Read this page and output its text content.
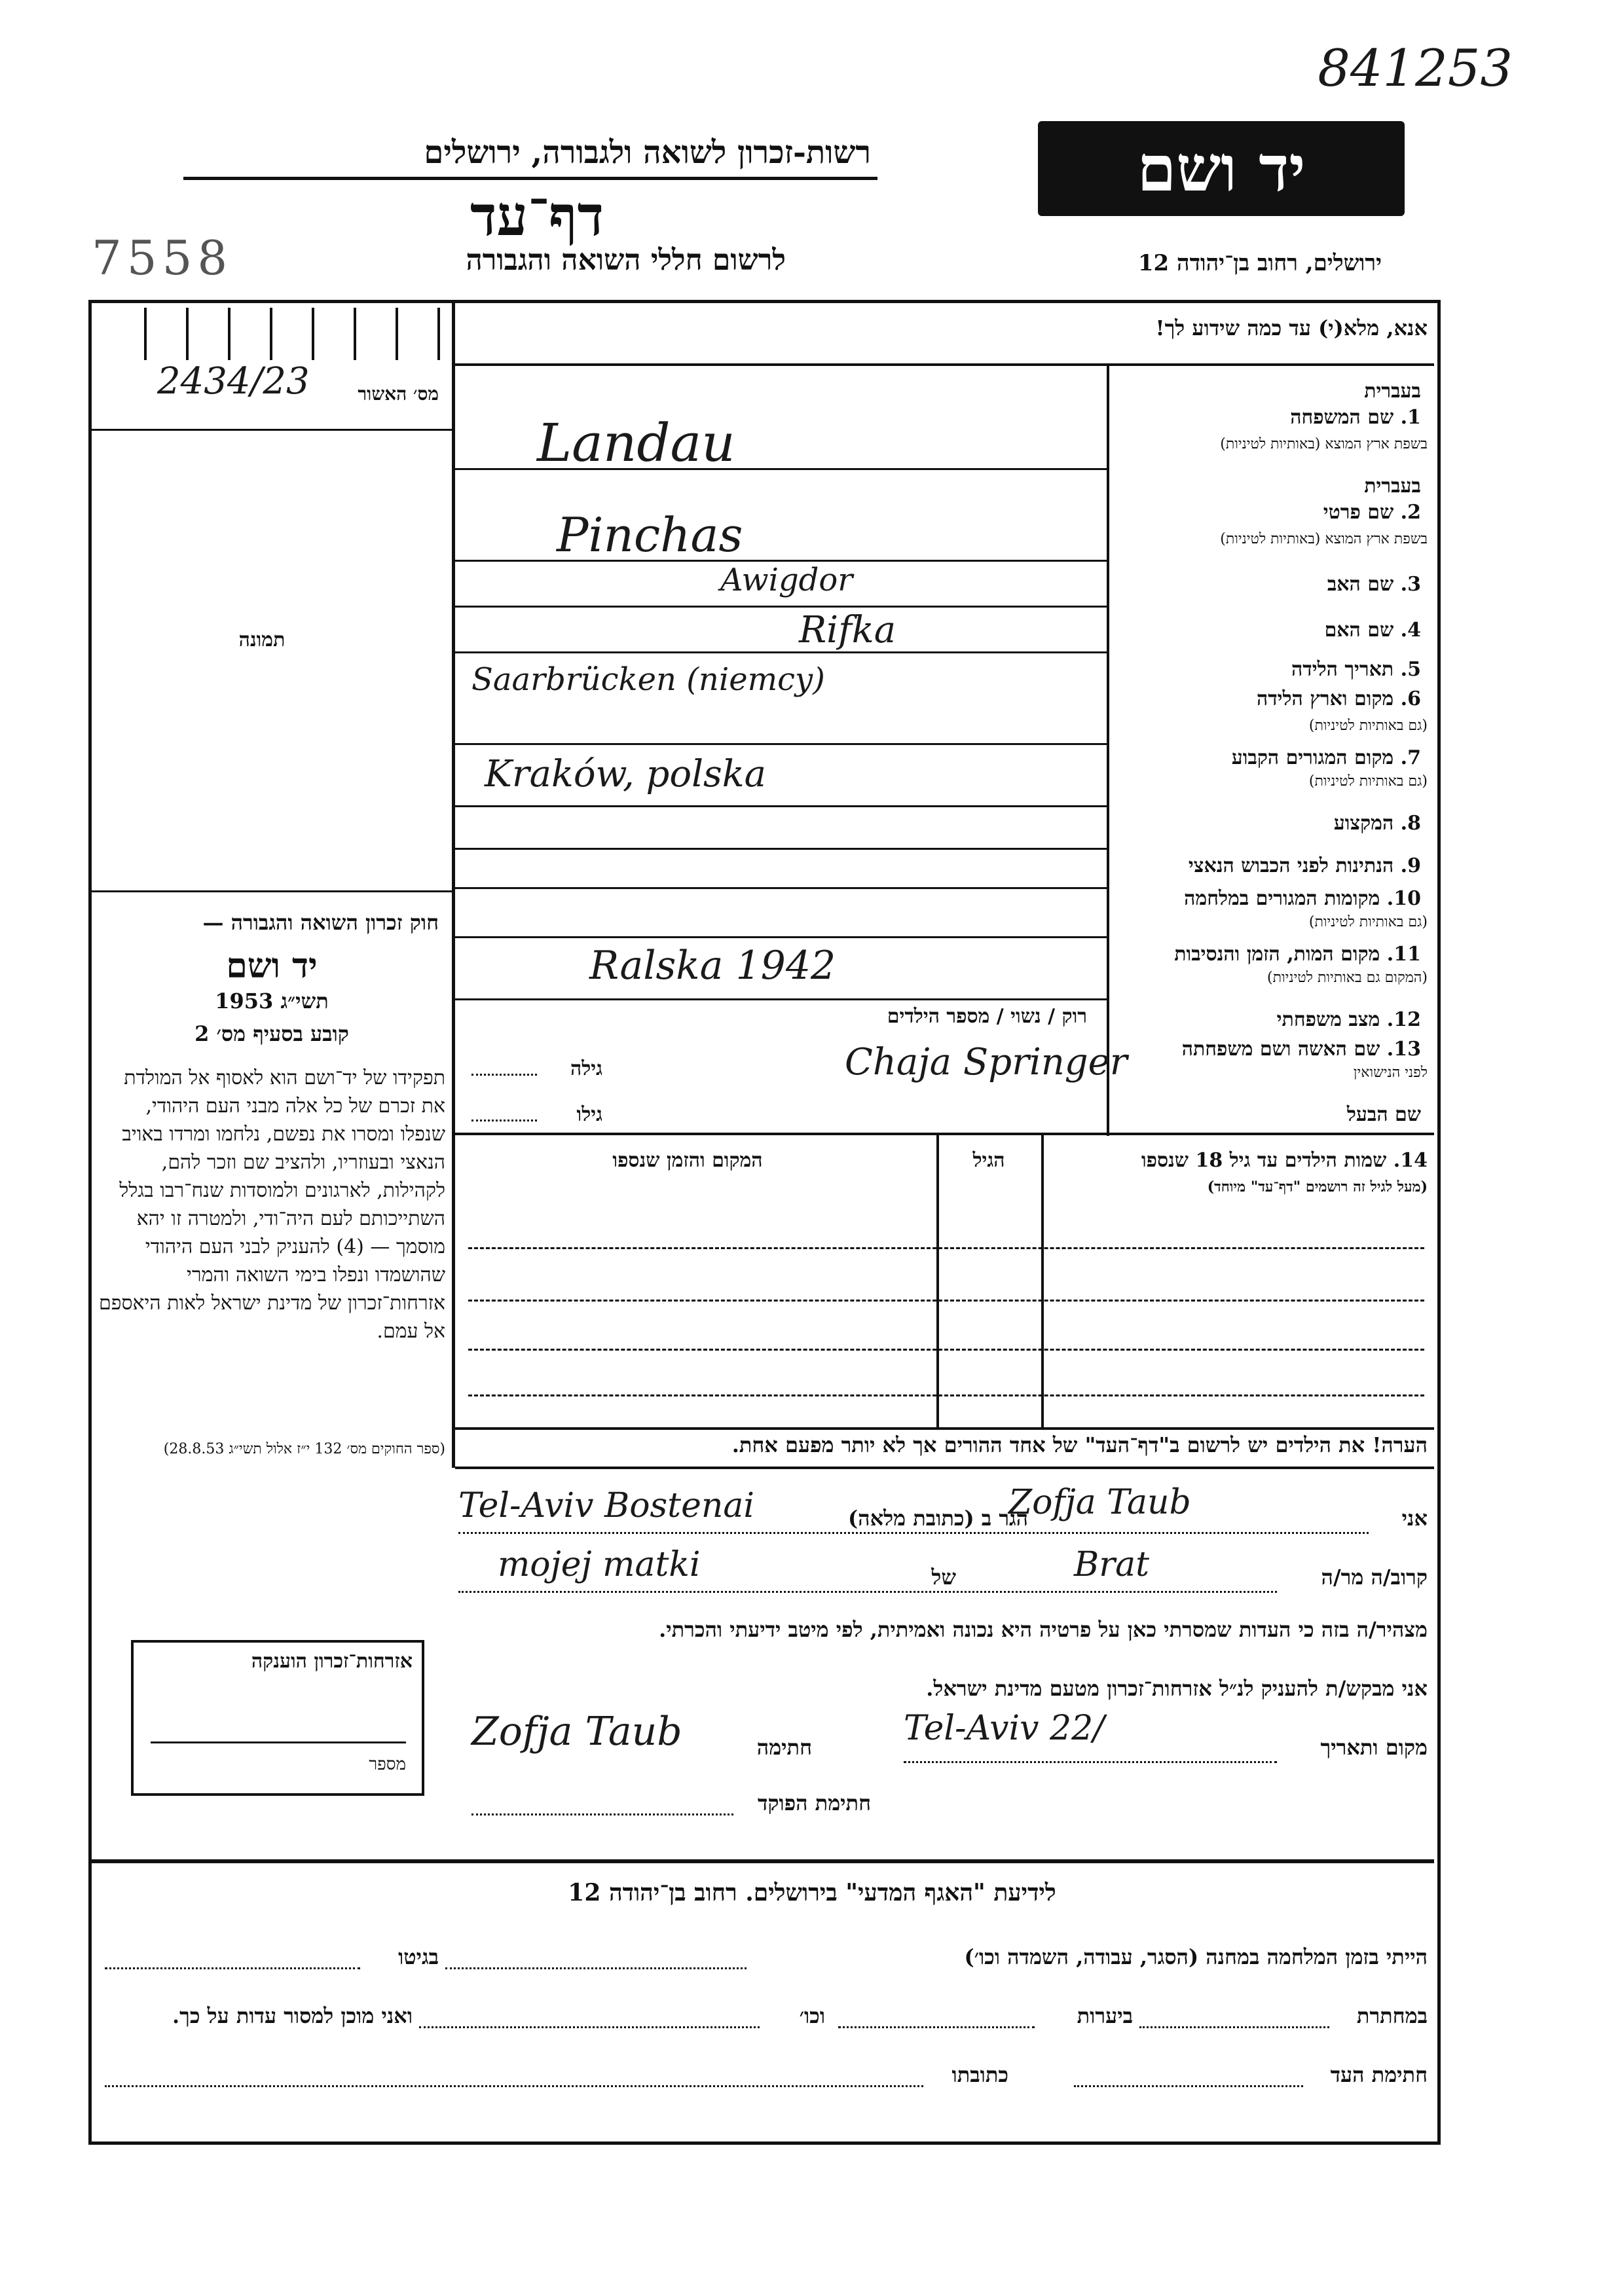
841253
יד ושם
רשות-זכרון לשואה ולגבורה, ירושלים
דף־עד
לרשום חללי השואה והגבורה
7558	ירושלים, רחוב בן־יהודה 12
אנא, מלא(י) עד כמה שידוע לך!
מס׳ האשור
2434/23
תמונה
חוק זכרון השואה והגבורה —
יד ושם
תשי״ג 1953
קובע בסעיף מס׳ 2
תפקידו של יד־ושם הוא לאסוף אל המולדת את זכרם של כל אלה מבני העם היהודי, שנפלו ומסרו את נפשם, נלחמו ומרדו באויב הנאצי ובעוזריו, ולהציב שם וזכר להם, לקהילות, לארגונים ולמוסדות שנח־רבו בגלל השתייכותם לעם היה־ודי, ולמטרה זו יהא מוסמך — (4) להעניק לבני העם היהודי שהושמדו ונפלו בימי השואה והמרי אזרחות־זכרון של מדינת ישראל לאות היאספם אל עמם.
(ספר החוקים מס׳ 132 י״ז אלול תשי״ג 28.8.53)
אזרחות־זכרון הוענקה
מספר
1. שם המשפחה
בשפת ארץ המוצא (באותיות לטיניות)
בעברית
Landau
2. שם פרטי
בשפת ארץ המוצא (באותיות לטיניות)
בעברית
Pinchas
3. שם האב
Awigdor
4. שם האם
Rifka
5. תאריך הלידה
6. מקום וארץ הלידה
(גם באותיות לטיניות)
Saarbrücken (niemcy)
7. מקום המגורים הקבוע
(גם באותיות לטיניות)
Kraków, polska
8. המקצוע
9. הנתינות לפני הכבוש הנאצי
10. מקומות המגורים במלחמה
(גם באותיות לטיניות)
11. מקום המות, הזמן והנסיבות
(המקום גם באותיות לטיניות)
Ralska 1942
12. מצב משפחתי
רוק / נשוי / מספר הילדים
13. שם האשה ושם משפחתה
לפני הנישואין
Chaja Springer
גילה
שם הבעל
גילו
14. שמות הילדים עד גיל 18 שנספו
(מעל לגיל זה רושמים "דף־עד" מיוחד)
הגיל
המקום והזמן שנספו
הערה! את הילדים יש לרשום ב"דף־העד" של אחד ההורים אך לא יותר מפעם אחת.
אני
Zofja Taub
הגר ב (כתובת מלאה)
Tel-Aviv Bostenai
קרוב/ה מר/ה
Brat
של
mojej matki
מצהיר/ה בזה כי העדות שמסרתי כאן על פרטיה היא נכונה ואמיתית, לפי מיטב ידיעתי והכרתי.
אני מבקש/ת להעניק לנ״ל אזרחות־זכרון מטעם מדינת ישראל.
מקום ותאריך
Tel-Aviv 22/
חתימה
Zofja Taub
חתימת הפוקד
לידיעת "האגף המדעי" בירושלים. רחוב בן־יהודה 12
הייתי בזמן המלחמה במחנה (הסגר, עבודה, השמדה וכו׳)
בגיטו
במחתרת
ביערות
וכו׳
ואני מוכן למסור עדות על כך.
חתימת העד
כתובתו
